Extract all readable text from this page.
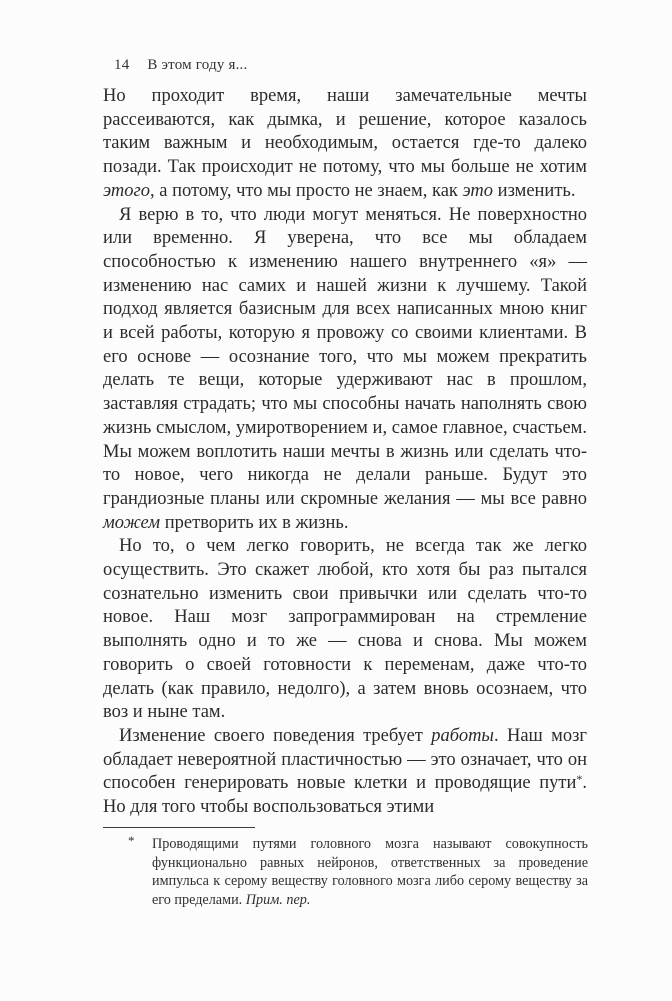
14 В этом году я...

Но проходит время, наши замечательные мечты рассеиваются, как дымка, и решение, которое казалось таким важным и необходимым, остается где-то далеко позади. Так происходит не потому, что мы больше не хотим этого, а потому, что мы просто не знаем, как это изменить.

Я верю в то, что люди могут меняться. Не поверхностно или временно. Я уверена, что все мы обладаем способностью к изменению нашего внутреннего «я» — изменению нас самих и нашей жизни к лучшему. Такой подход является базисным для всех написанных мною книг и всей работы, которую я провожу со своими клиентами. В его основе — осознание того, что мы можем прекратить делать те вещи, которые удерживают нас в прошлом, заставляя страдать; что мы способны начать наполнять свою жизнь смыслом, умиротворением и, самое главное, счастьем. Мы можем воплотить наши мечты в жизнь или сделать что-то новое, чего никогда не делали раньше. Будут это грандиозные планы или скромные желания — мы все равно можем претворить их в жизнь.

Но то, о чем легко говорить, не всегда так же легко осуществить. Это скажет любой, кто хотя бы раз пытался сознательно изменить свои привычки или сделать что-то новое. Наш мозг запрограммирован на стремление выполнять одно и то же — снова и снова. Мы можем говорить о своей готовности к переменам, даже что-то делать (как правило, недолго), а затем вновь осознаем, что воз и ныне там.

Изменение своего поведения требует работы. Наш мозг обладает невероятной пластичностью — это означает, что он способен генерировать новые клетки и проводящие пути*. Но для того чтобы воспользоваться этими

* Проводящими путями головного мозга называют совокупность функционально равных нейронов, ответственных за проведение импульса к серому веществу головного мозга либо серому веществу за его пределами. Прим. пер.
